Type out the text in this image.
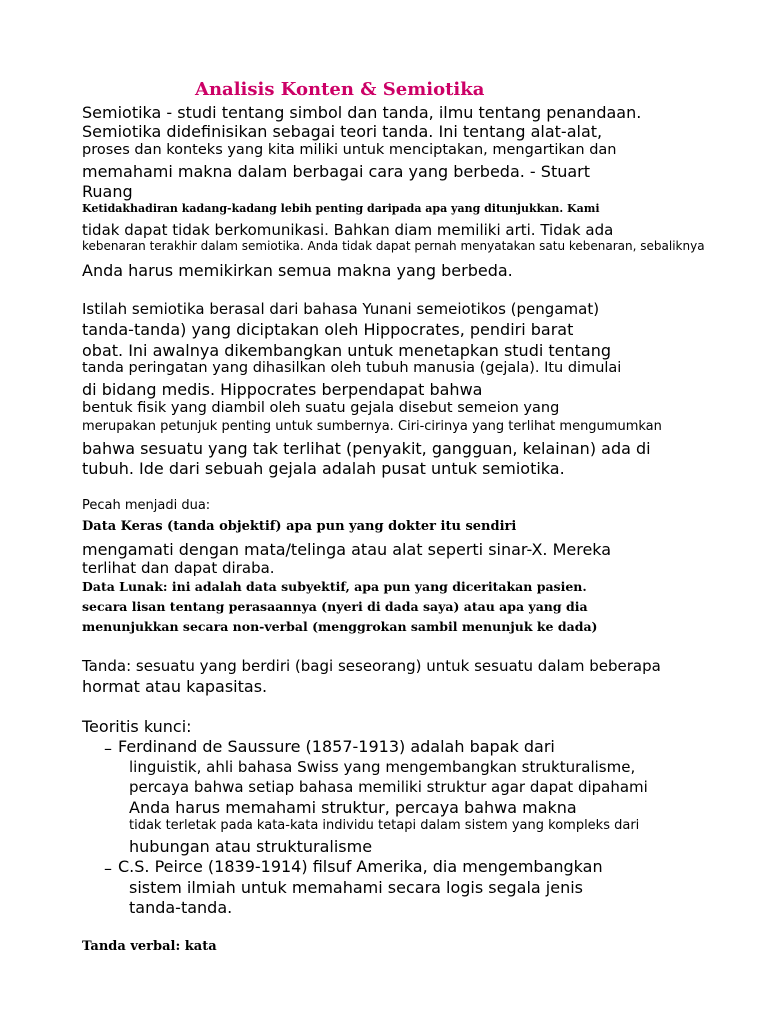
Analisis Konten & Semiotika
Semiotika - studi tentang simbol dan tanda, ilmu tentang penandaan.
Semiotika didefinisikan sebagai teori tanda. Ini tentang alat-alat,
proses dan konteks yang kita miliki untuk menciptakan, mengartikan dan
memahami makna dalam berbagai cara yang berbeda. - Stuart
Ruang
Ketidakhadiran kadang-kadang lebih penting daripada apa yang ditunjukkan. Kami
tidak dapat tidak berkomunikasi. Bahkan diam memiliki arti. Tidak ada
kebenaran terakhir dalam semiotika. Anda tidak dapat pernah menyatakan satu kebenaran, sebaliknya
Anda harus memikirkan semua makna yang berbeda.
Istilah semiotika berasal dari bahasa Yunani semeiotikos (pengamat)
tanda-tanda) yang diciptakan oleh Hippocrates, pendiri barat
obat. Ini awalnya dikembangkan untuk menetapkan studi tentang
tanda peringatan yang dihasilkan oleh tubuh manusia (gejala). Itu dimulai
di bidang medis. Hippocrates berpendapat bahwa
bentuk fisik yang diambil oleh suatu gejala disebut semeion yang
merupakan petunjuk penting untuk sumbernya. Ciri-cirinya yang terlihat mengumumkan
bahwa sesuatu yang tak terlihat (penyakit, gangguan, kelainan) ada di
tubuh. Ide dari sebuah gejala adalah pusat untuk semiotika.
Pecah menjadi dua:
Data Keras (tanda objektif) apa pun yang dokter itu sendiri
mengamati dengan mata/telinga atau alat seperti sinar-X. Mereka
terlihat dan dapat diraba.
Data Lunak: ini adalah data subyektif, apa pun yang diceritakan pasien.
secara lisan tentang perasaannya (nyeri di dada saya) atau apa yang dia
menunjukkan secara non-verbal (menggrokan sambil menunjuk ke dada)
Tanda: sesuatu yang berdiri (bagi seseorang) untuk sesuatu dalam beberapa
hormat atau kapasitas.
Teoritis kunci:
– Ferdinand de Saussure (1857-1913) adalah bapak dari
linguistik, ahli bahasa Swiss yang mengembangkan strukturalisme,
percaya bahwa setiap bahasa memiliki struktur agar dapat dipahami
Anda harus memahami struktur, percaya bahwa makna
tidak terletak pada kata-kata individu tetapi dalam sistem yang kompleks dari
hubungan atau strukturalisme
– C.S. Peirce (1839-1914) filsuf Amerika, dia mengembangkan
sistem ilmiah untuk memahami secara logis segala jenis
tanda-tanda.
Tanda verbal: kata
